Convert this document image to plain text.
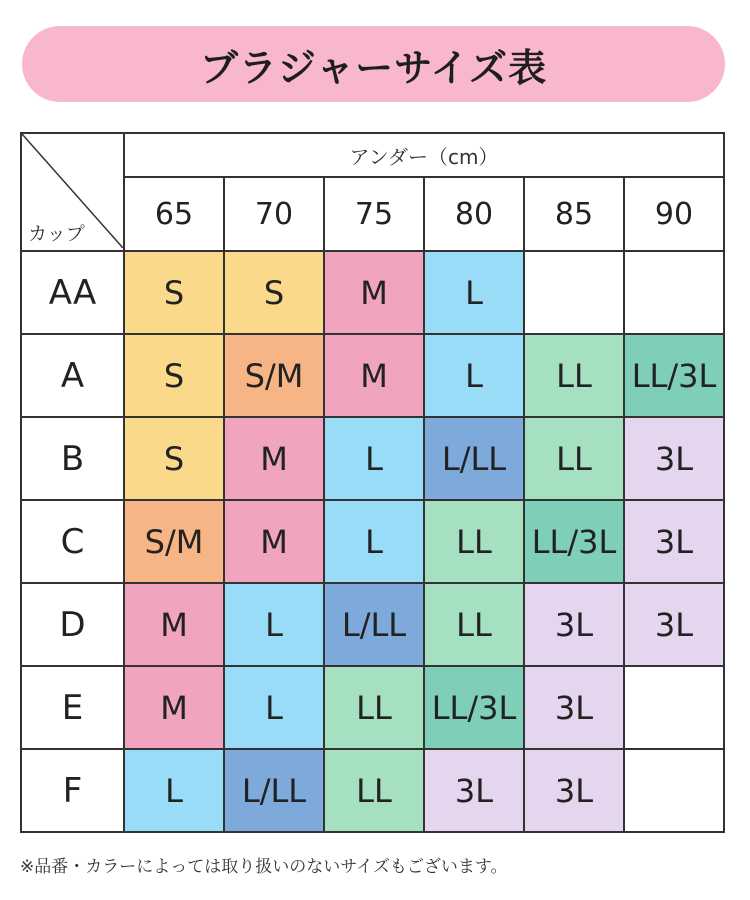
ブラジャーサイズ表
カップ	アンダー（cm）					
	65	70	75	80	85	90
AA	S	S	M	L		
A	S	S/M	M	L	LL	LL/3L
B	S	M	L	L/LL	LL	3L
C	S/M	M	L	LL	LL/3L	3L
D	M	L	L/LL	LL	3L	3L
E	M	L	LL	LL/3L	3L	
F	L	L/LL	LL	3L	3L	
※品番・カラーによっては取り扱いのないサイズもございます。
